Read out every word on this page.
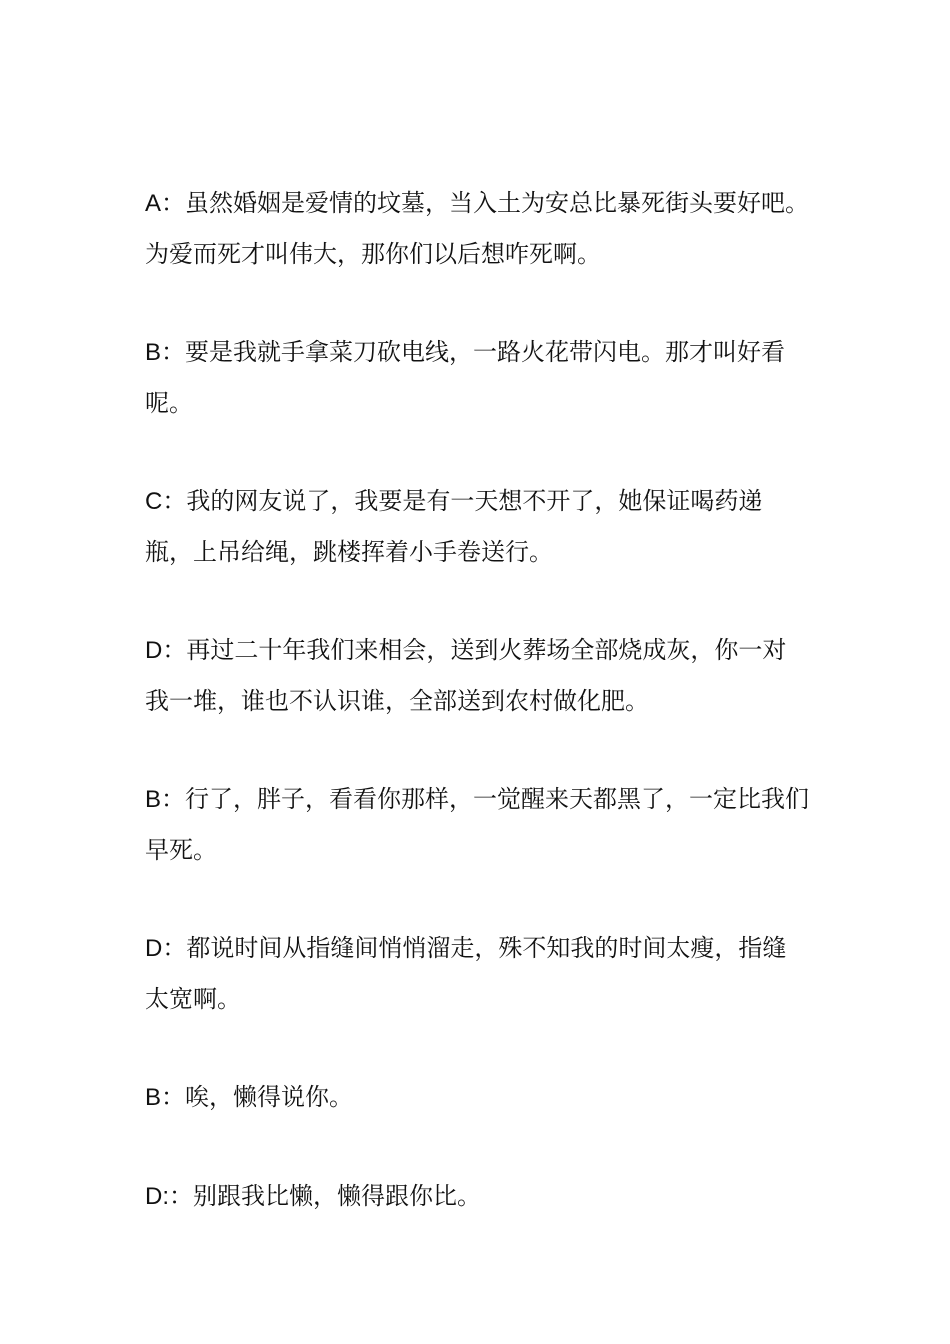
A：虽然婚姻是爱情的坟墓，当入土为安总比暴死街头要好吧。为爱而死才叫伟大，那你们以后想咋死啊。

B：要是我就手拿菜刀砍电线，一路火花带闪电。那才叫好看呢。

C：我的网友说了，我要是有一天想不开了，她保证喝药递瓶，上吊给绳，跳楼挥着小手卷送行。

D：再过二十年我们来相会，送到火葬场全部烧成灰，你一对我一堆，谁也不认识谁，全部送到农村做化肥。

B：行了，胖子，看看你那样，一觉醒来天都黑了，一定比我们早死。

D：都说时间从指缝间悄悄溜走，殊不知我的时间太瘦，指缝太宽啊。

B：唉，懒得说你。

D:：别跟我比懒，懒得跟你比。
